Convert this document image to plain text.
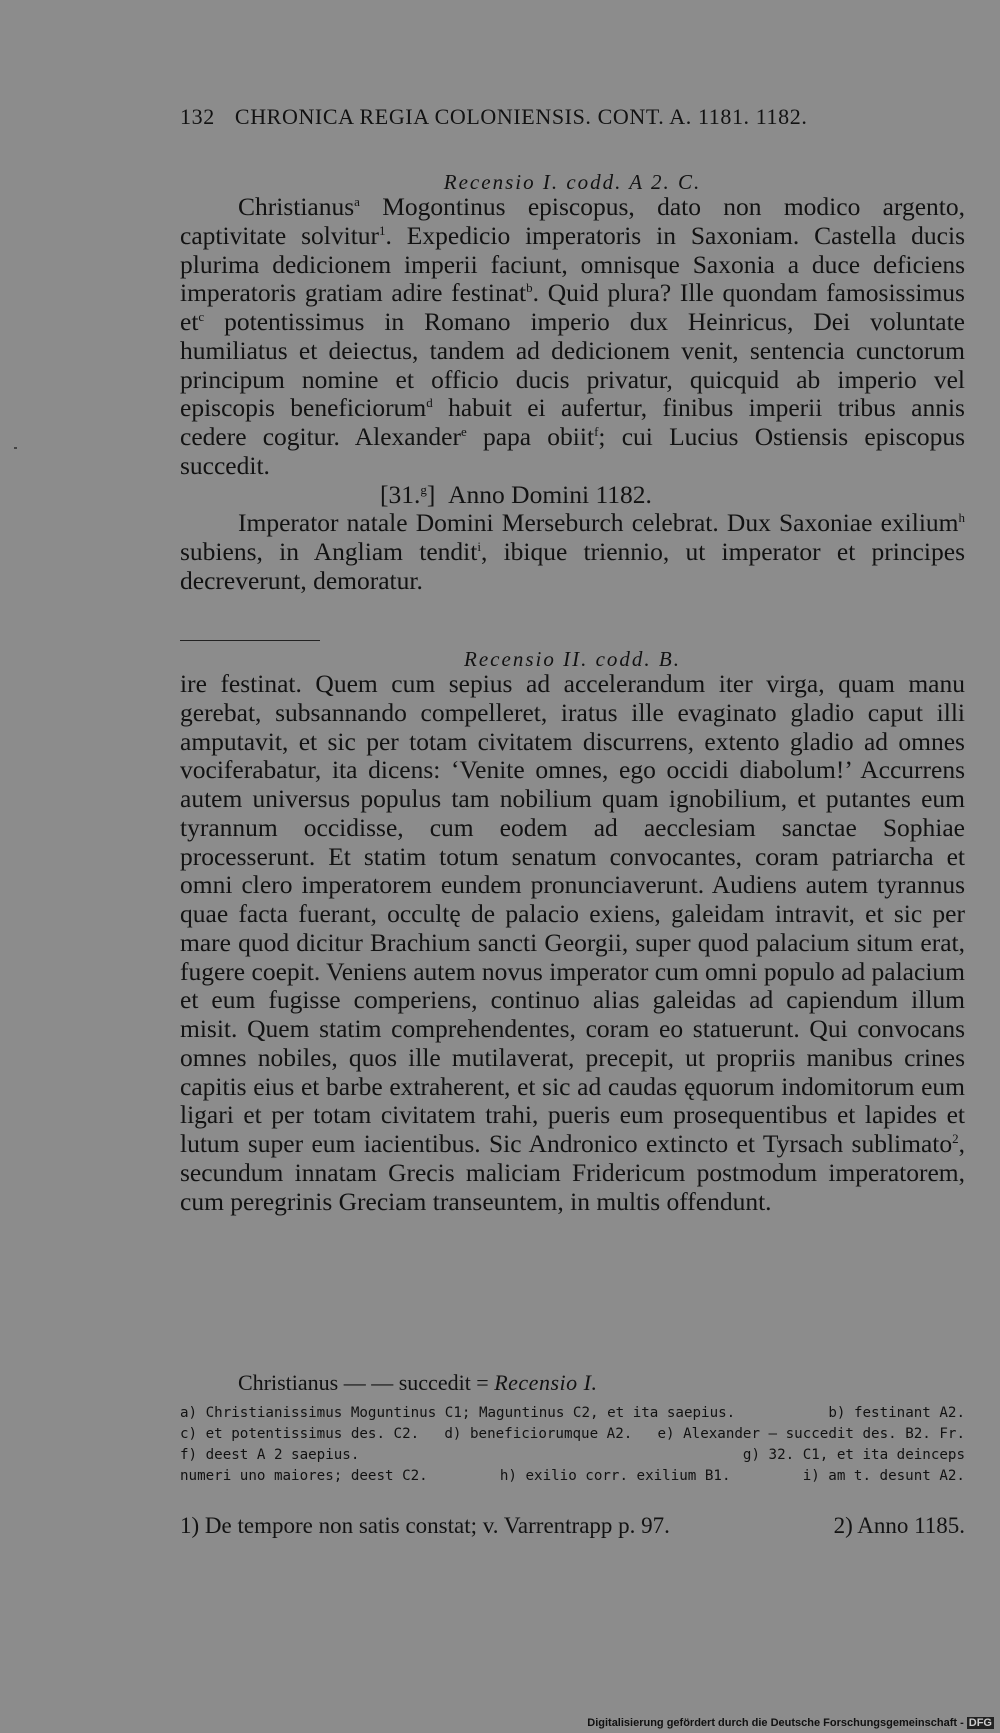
132 CHRONICA REGIA COLONIENSIS. CONT. A. 1181. 1182.
Recensio I. codd. A 2. C.

Christianus$^a$ Mogontinus episcopus, dato non modico argento, captivitate solvitur$^1$. Expedicio imperatoris in Saxoniam. Castella ducis plurima dedicionem imperii faciunt, omnisque Saxonia a duce deficiens imperatoris gratiam adire festinat$^b$. Quid plura? Ille quondam famosissimus $et^c$ potentissimus in Romano imperio dux Heinricus, Dei voluntate humiliatus et deiectus, tandem ad dedicionem venit, sentencia cunctorum principum nomine et officio ducis privatur, quicquid ab imperio vel episcopis beneficiorum$^d$ habuit ei aufertur, finibus imperii tribus annis cedere cogitur. Alexander$^e$ papa obiit$^f$; cui Lucius Ostiensis episcopus succedit.

[31.$^g$] Anno Domini 1182.

Imperator natale Domini Merseburch celebrat. Dux Saxoniae exilium$^h$ subiens, in Angliam tendit$^i$, ibique triennio, ut imperator et principes decreverunt, demoratur.

Recensio II. codd. B.

ire festinat. Quem cum sepius ad accelerandum iter virga, quam manu gerebat, subsannando compelleret, iratus ille evaginato gladio caput illi amputavit, et sic per totam civitatem discurrens, extento gladio ad omnes vociferabatur, ita dicens: ‘Venite omnes, ego occidi diabolum!’ Accurrens autem universus populus tam nobilium quam ignobilium, et putantes eum tyrannum occidisse, cum eodem ad aecclesiam sanctae Sophiae processerunt. Et statim totum senatum convocantes, coram patriarcha et omni clero imperatorem eundem pronunciaverunt. Audiens autem tyrannus quae facta fuerant, occultę de palacio exiens, galeidam intravit, et sic per mare quod dicitur Brachium sancti Georgii, super quod palacium situm erat, fugere coepit. Veniens autem novus imperator cum omni populo ad palacium et eum fugisse comperiens, continuo alias galeidas ad capiendum illum misit. Quem statim comprehendentes, coram eo statuerunt. Qui convocans omnes nobiles, quos ille mutilaverat, precepit, ut propriis manibus crines capitis eius et barbe extraherent, et sic ad caudas ęquorum indomitorum eum ligari et per totam civitatem trahi, pueris eum prosequentibus et lapides et lutum super eum iacientibus. Sic Andronico extincto et Tyrsach sublimato$^2$, secundum innatam Grecis maliciam Fridericum postmodum imperatorem, cum peregrinis Greciam transeuntem, in multis offendunt.

Christianus — — succedit = Recensio I.
a) Christianissimus Moguntinus C1; Maguntinus C2, et ita saepius.	b) festinant A2.
c) et potentissimus des. C2. d) beneficiorumque A2. e) Alexander — succedit des. B2. Fr.
f) deest A 2 saepius.	g) 32. C1, et ita deinceps
numeri uno maiores; deest C2.	h) exilio corr. exilium B1.	i) am t. desunt A2.
1) De tempore non satis constat; v. Varrentrapp p. 97.	2) Anno 1185.
Digitalisierung gefördert durch die Deutsche Forschungsgemeinschaft - DFG
